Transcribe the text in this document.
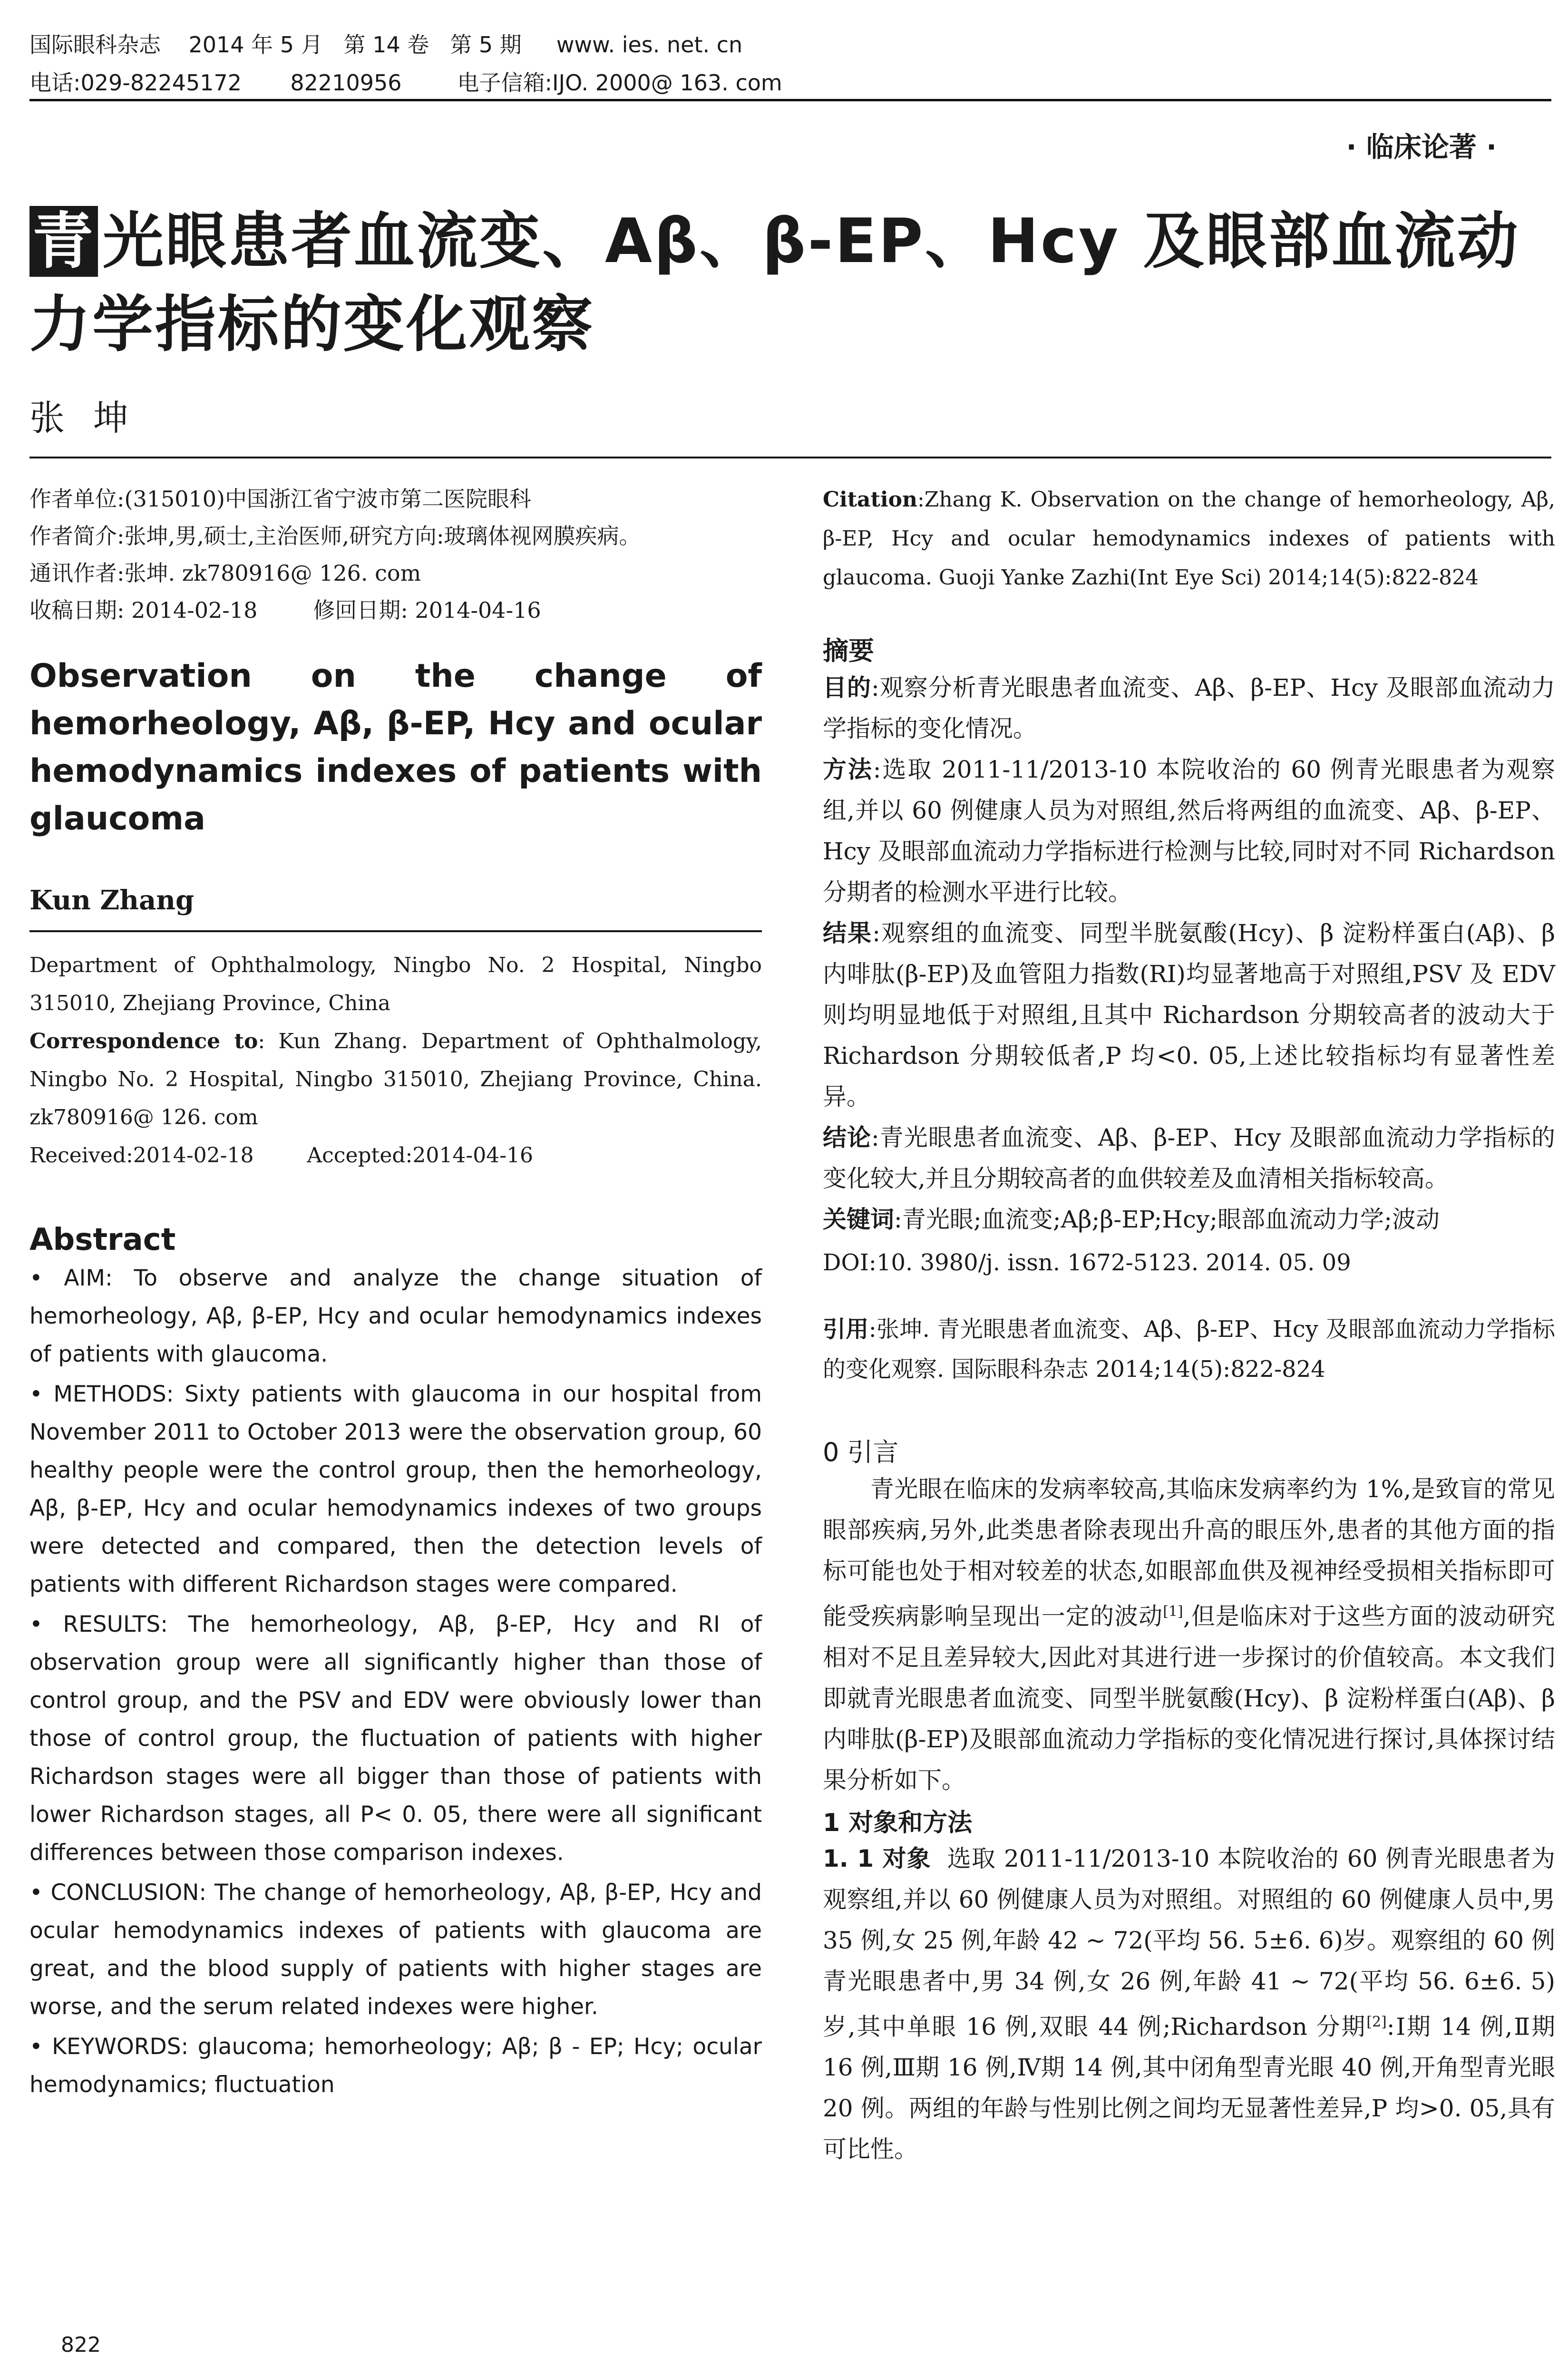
国际眼科杂志    2014 年 5 月   第 14 卷   第 5 期     www. ies. net. cn
电话:029-82245172       82210956        电子信箱:IJO. 2000@ 163. com
· 临床论著 ·
青 光眼患者血流变、Aβ、β-EP、Hcy 及眼部血流动力学指标的变化观察
张坤
作者单位:(315010)中国浙江省宁波市第二医院眼科
作者简介:张坤,男,硕士,主治医师,研究方向:玻璃体视网膜疾病。
通讯作者:张坤. zk780916@ 126. com
收稿日期: 2014-02-18        修回日期: 2014-04-16
Observation on the change of hemorheology, Aβ, β-EP, Hcy and ocular hemodynamics indexes of patients with glaucoma
Kun Zhang
Department of Ophthalmology, Ningbo No. 2 Hospital, Ningbo 315010, Zhejiang Province, China
Correspondence to: Kun Zhang. Department of Ophthalmology, Ningbo No. 2 Hospital, Ningbo 315010, Zhejiang Province, China. zk780916@ 126. com
Received:2014-02-18        Accepted:2014-04-16
Abstract
• AIM: To observe and analyze the change situation of hemorheology, Aβ, β-EP, Hcy and ocular hemodynamics indexes of patients with glaucoma.
• METHODS: Sixty patients with glaucoma in our hospital from November 2011 to October 2013 were the observation group, 60 healthy people were the control group, then the hemorheology, Aβ, β-EP, Hcy and ocular hemodynamics indexes of two groups were detected and compared, then the detection levels of patients with different Richardson stages were compared.
• RESULTS: The hemorheology, Aβ, β-EP, Hcy and RI of observation group were all significantly higher than those of control group, and the PSV and EDV were obviously lower than those of control group, the fluctuation of patients with higher Richardson stages were all bigger than those of patients with lower Richardson stages, all P< 0. 05, there were all significant differences between those comparison indexes.
• CONCLUSION: The change of hemorheology, Aβ, β-EP, Hcy and ocular hemodynamics indexes of patients with glaucoma are great, and the blood supply of patients with higher stages are worse, and the serum related indexes were higher.
• KEYWORDS: glaucoma; hemorheology; Aβ; β - EP; Hcy; ocular hemodynamics; fluctuation
Citation:Zhang K. Observation on the change of hemorheology, Aβ, β-EP, Hcy and ocular hemodynamics indexes of patients with glaucoma. Guoji Yanke Zazhi(Int Eye Sci) 2014;14(5):822-824
摘要
目的:观察分析青光眼患者血流变、Aβ、β-EP、Hcy 及眼部血流动力学指标的变化情况。
方法:选取 2011-11/2013-10 本院收治的 60 例青光眼患者为观察组,并以 60 例健康人员为对照组,然后将两组的血流变、Aβ、β-EP、Hcy 及眼部血流动力学指标进行检测与比较,同时对不同 Richardson 分期者的检测水平进行比较。
结果:观察组的血流变、同型半胱氨酸(Hcy)、β 淀粉样蛋白(Aβ)、β 内啡肽(β-EP)及血管阻力指数(RI)均显著地高于对照组,PSV 及 EDV 则均明显地低于对照组,且其中 Richardson 分期较高者的波动大于 Richardson 分期较低者,P 均<0. 05,上述比较指标均有显著性差异。
结论:青光眼患者血流变、Aβ、β-EP、Hcy 及眼部血流动力学指标的变化较大,并且分期较高者的血供较差及血清相关指标较高。
关键词:青光眼;血流变;Aβ;β-EP;Hcy;眼部血流动力学;波动
DOI:10. 3980/j. issn. 1672-5123. 2014. 05. 09
引用:张坤. 青光眼患者血流变、Aβ、β-EP、Hcy 及眼部血流动力学指标的变化观察. 国际眼科杂志 2014;14(5):822-824
0 引言
青光眼在临床的发病率较高,其临床发病率约为 1%,是致盲的常见眼部疾病,另外,此类患者除表现出升高的眼压外,患者的其他方面的指标可能也处于相对较差的状态,如眼部血供及视神经受损相关指标即可能受疾病影响呈现出一定的波动[1],但是临床对于这些方面的波动研究相对不足且差异较大,因此对其进行进一步探讨的价值较高。本文我们即就青光眼患者血流变、同型半胱氨酸(Hcy)、β 淀粉样蛋白(Aβ)、β 内啡肽(β-EP)及眼部血流动力学指标的变化情况进行探讨,具体探讨结果分析如下。
1 对象和方法
1. 1 对象  选取 2011-11/2013-10 本院收治的 60 例青光眼患者为观察组,并以 60 例健康人员为对照组。对照组的 60 例健康人员中,男 35 例,女 25 例,年龄 42 ~ 72(平均 56. 5±6. 6)岁。观察组的 60 例青光眼患者中,男 34 例,女 26 例,年龄 41 ~ 72(平均 56. 6±6. 5)岁,其中单眼 16 例,双眼 44 例;Richardson 分期[2]:Ⅰ期 14 例,Ⅱ期 16 例,Ⅲ期 16 例,Ⅳ期 14 例,其中闭角型青光眼 40 例,开角型青光眼 20 例。两组的年龄与性别比例之间均无显著性差异,P 均>0. 05,具有可比性。
822
